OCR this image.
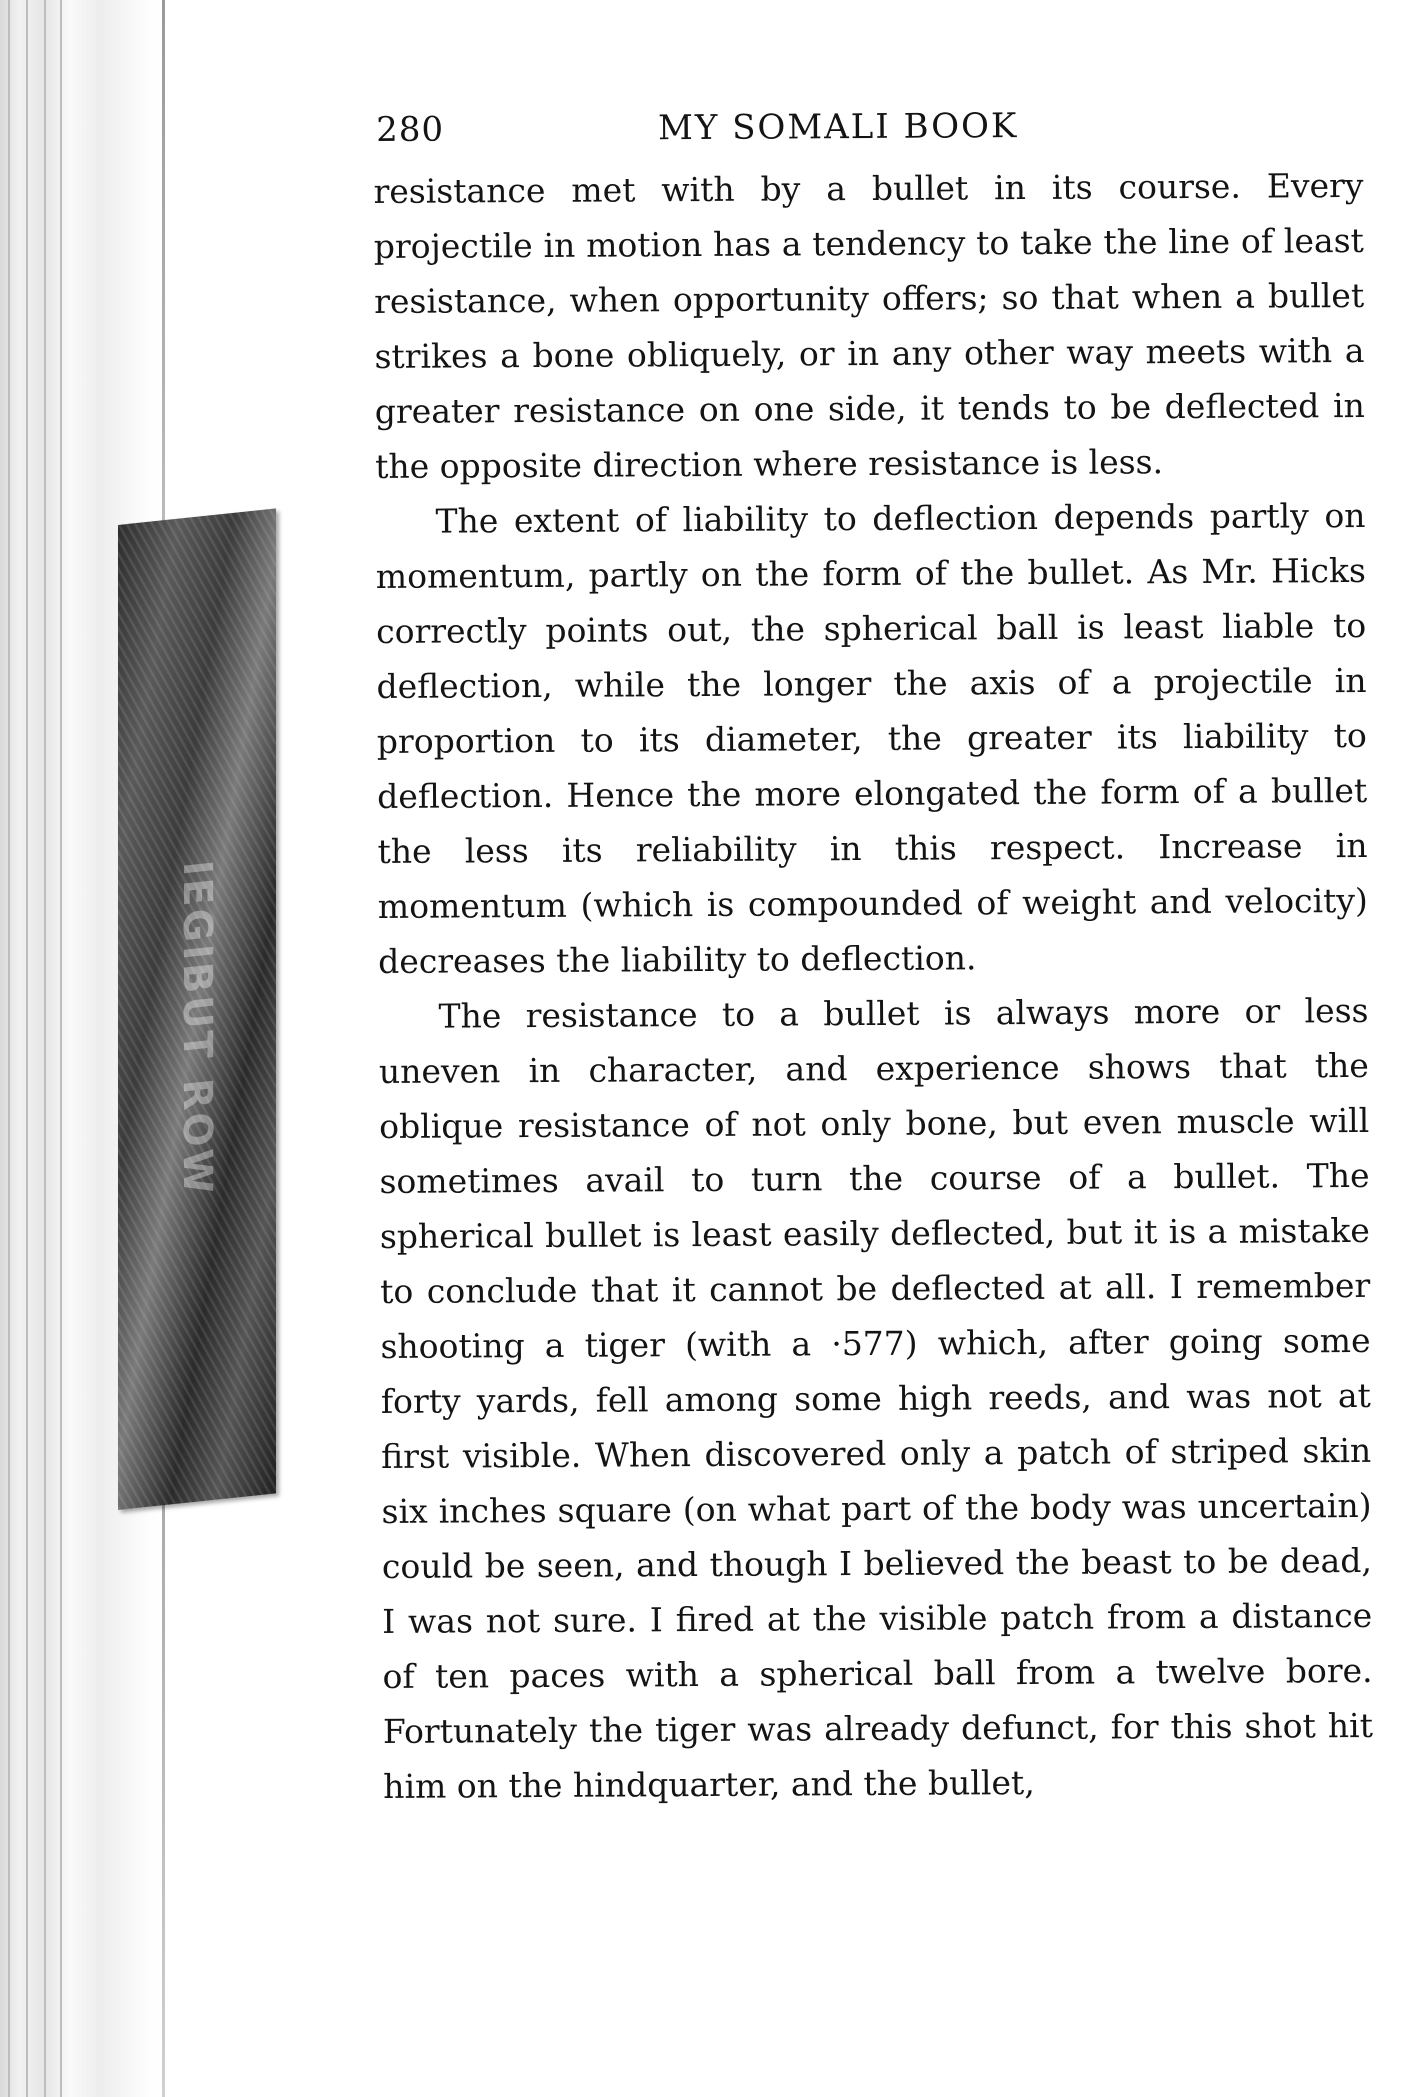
IEGIBUT ROW
280	MY SOMALI BOOK

resistance met with by a bullet in its course. Every projectile in motion has a tendency to take the line of least resistance, when opportunity offers; so that when a bullet strikes a bone obliquely, or in any other way meets with a greater resistance on one side, it tends to be deflected in the opposite direction where resistance is less.

The extent of liability to deflection depends partly on momentum, partly on the form of the bullet. As Mr. Hicks correctly points out, the spherical ball is least liable to deflection, while the longer the axis of a projectile in proportion to its diameter, the greater its liability to deflection. Hence the more elongated the form of a bullet the less its reliability in this respect. Increase in momentum (which is compounded of weight and velocity) decreases the liability to deflection.

The resistance to a bullet is always more or less uneven in character, and experience shows that the oblique resistance of not only bone, but even muscle will sometimes avail to turn the course of a bullet. The spherical bullet is least easily deflected, but it is a mistake to conclude that it cannot be deflected at all. I remember shooting a tiger (with a ·577) which, after going some forty yards, fell among some high reeds, and was not at first visible. When discovered only a patch of striped skin six inches square (on what part of the body was uncertain) could be seen, and though I believed the beast to be dead, I was not sure. I fired at the visible patch from a distance of ten paces with a spherical ball from a twelve bore. Fortunately the tiger was already defunct, for this shot hit him on the hindquarter, and the bullet,
